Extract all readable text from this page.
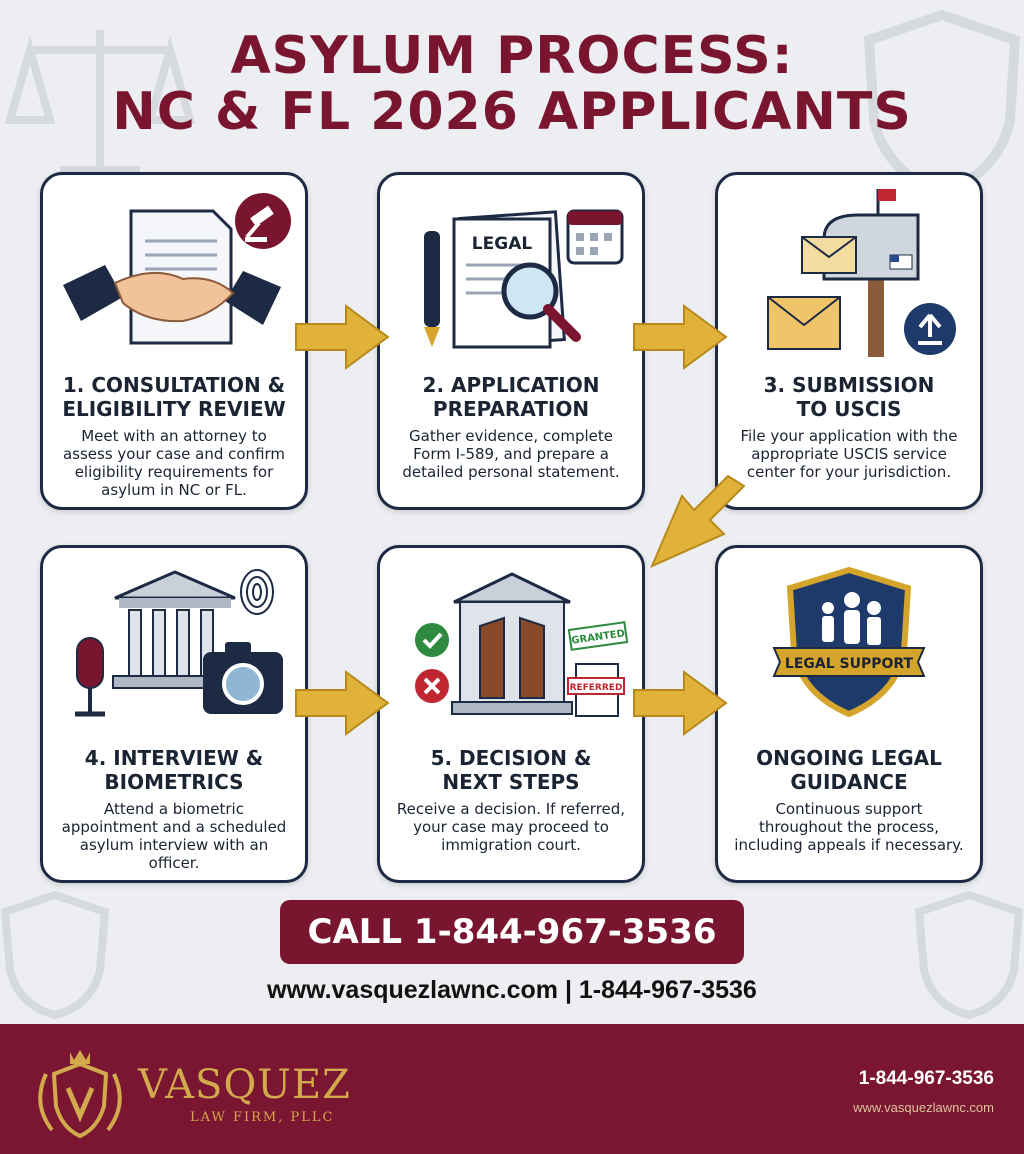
ASYLUM PROCESS:
NC & FL 2026 APPLICANTS
1. CONSULTATION &
ELIGIBILITY REVIEW
Meet with an attorney to assess your case and confirm eligibility requirements for asylum in NC or FL.
LEGAL
2. APPLICATION
PREPARATION
Gather evidence, complete Form I-589, and prepare a detailed personal statement.
3. SUBMISSION
TO USCIS
File your application with the appropriate USCIS service center for your jurisdiction.
4. INTERVIEW &
BIOMETRICS
Attend a biometric appointment and a scheduled asylum interview with an officer.
GRANTED
REFERRED
5. DECISION &
NEXT STEPS
Receive a decision. If referred, your case may proceed to immigration court.
LEGAL SUPPORT
ONGOING LEGAL
GUIDANCE
Continuous support throughout the process, including appeals if necessary.
CALL 1-844-967-3536
www.vasquezlawnc.com | 1-844-967-3536
VASQUEZ
LAW FIRM, PLLC
1-844-967-3536
www.vasquezlawnc.com
